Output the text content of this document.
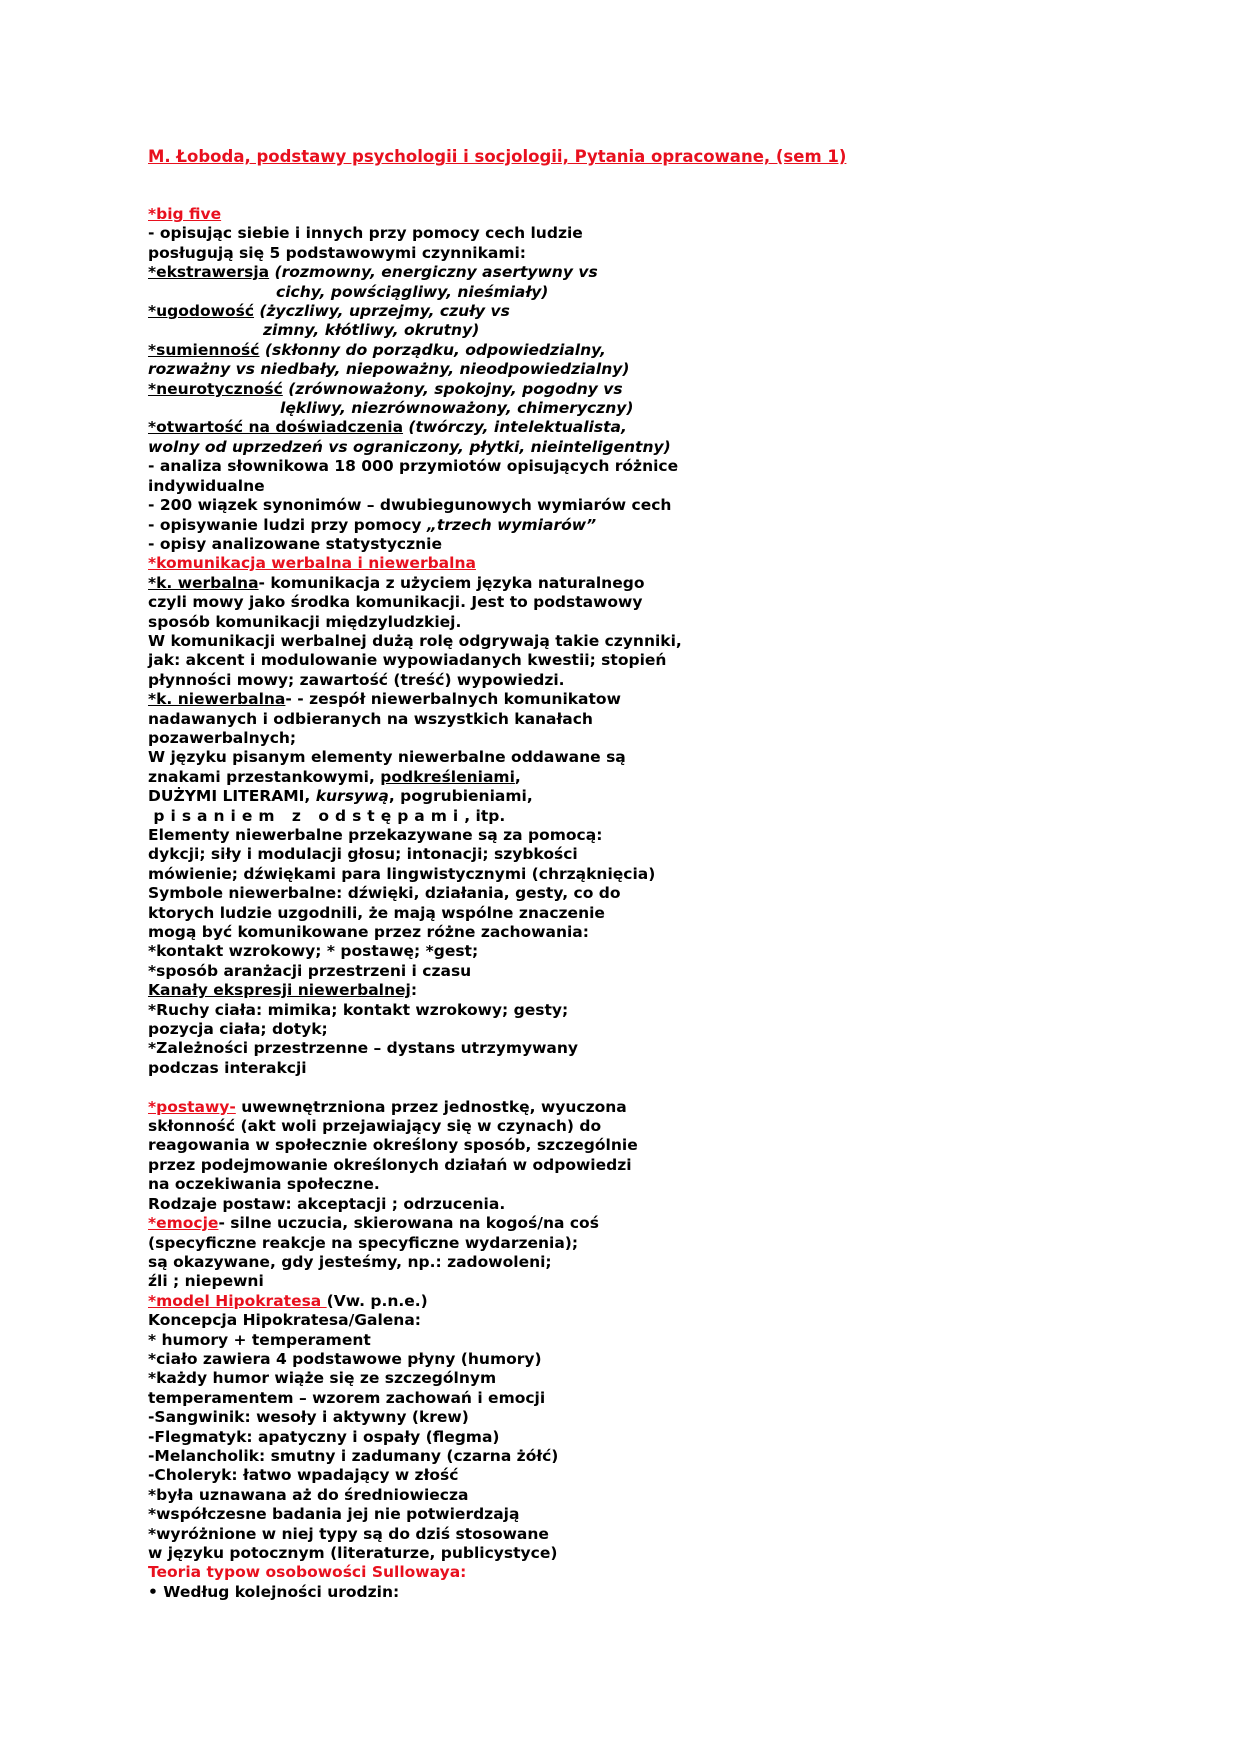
M. Łoboda, podstawy psychologii i socjologii, Pytania opracowane, (sem 1)
*big five
- opisując siebie i innych przy pomocy cech ludzie
posługują się 5 podstawowymi czynnikami:
*ekstrawersja (rozmowny, energiczny asertywny vs
cichy, powściągliwy, nieśmiały)
*ugodowość (życzliwy, uprzejmy, czuły vs
zimny, kłótliwy, okrutny)
*sumienność (skłonny do porządku, odpowiedzialny,
rozważny vs niedbały, niepoważny, nieodpowiedzialny)
*neurotyczność (zrównoważony, spokojny, pogodny vs
lękliwy, niezrównoważony, chimeryczny)
*otwartość na doświadczenia (twórczy, intelektualista,
wolny od uprzedzeń vs ograniczony, płytki, nieinteligentny)
- analiza słownikowa 18 000 przymiotów opisujących różnice
indywidualne
- 200 wiązek synonimów – dwubiegunowych wymiarów cech
- opisywanie ludzi przy pomocy „trzech wymiarów”
- opisy analizowane statystycznie
*komunikacja werbalna i niewerbalna
*k. werbalna- komunikacja z użyciem języka naturalnego
czyli mowy jako środka komunikacji. Jest to podstawowy
sposób komunikacji międzyludzkiej.
W komunikacji werbalnej dużą rolę odgrywają takie czynniki,
jak: akcent i modulowanie wypowiadanych kwestii; stopień
płynności mowy; zawartość (treść) wypowiedzi.
*k. niewerbalna- - zespół niewerbalnych komunikatow
nadawanych i odbieranych na wszystkich kanałach
pozawerbalnych;
W języku pisanym elementy niewerbalne oddawane są
znakami przestankowymi, podkreśleniami,
DUŻYMI LITERAMI, kursywą, pogrubieniami,
pisaniem z odstępami, itp.
Elementy niewerbalne przekazywane są za pomocą:
dykcji; siły i modulacji głosu; intonacji; szybkości
mówienie; dźwiękami para lingwistycznymi (chrząknięcia)
Symbole niewerbalne: dźwięki, działania, gesty, co do
ktorych ludzie uzgodnili, że mają wspólne znaczenie
mogą być komunikowane przez różne zachowania:
*kontakt wzrokowy; * postawę; *gest;
*sposób aranżacji przestrzeni i czasu
Kanały ekspresji niewerbalnej:
*Ruchy ciała: mimika; kontakt wzrokowy; gesty;
pozycja ciała; dotyk;
*Zależności przestrzenne – dystans utrzymywany
podczas interakcji
*postawy- uwewnętrzniona przez jednostkę, wyuczona
skłonność (akt woli przejawiający się w czynach) do
reagowania w społecznie określony sposób, szczególnie
przez podejmowanie określonych działań w odpowiedzi
na oczekiwania społeczne.
Rodzaje postaw: akceptacji ; odrzucenia.
*emocje- silne uczucia, skierowana na kogoś/na coś
(specyficzne reakcje na specyficzne wydarzenia);
są okazywane, gdy jesteśmy, np.: zadowoleni;
źli ; niepewni
*model Hipokratesa (Vw. p.n.e.)
Koncepcja Hipokratesa/Galena:
* humory + temperament
*ciało zawiera 4 podstawowe płyny (humory)
*każdy humor wiąże się ze szczególnym
temperamentem – wzorem zachowań i emocji
-Sangwinik: wesoły i aktywny (krew)
-Flegmatyk: apatyczny i ospały (flegma)
-Melancholik: smutny i zadumany (czarna żółć)
-Choleryk: łatwo wpadający w złość
*była uznawana aż do średniowiecza
*współczesne badania jej nie potwierdzają
*wyróżnione w niej typy są do dziś stosowane
w języku potocznym (literaturze, publicystyce)
Teoria typow osobowości Sullowaya:
• Według kolejności urodzin:
